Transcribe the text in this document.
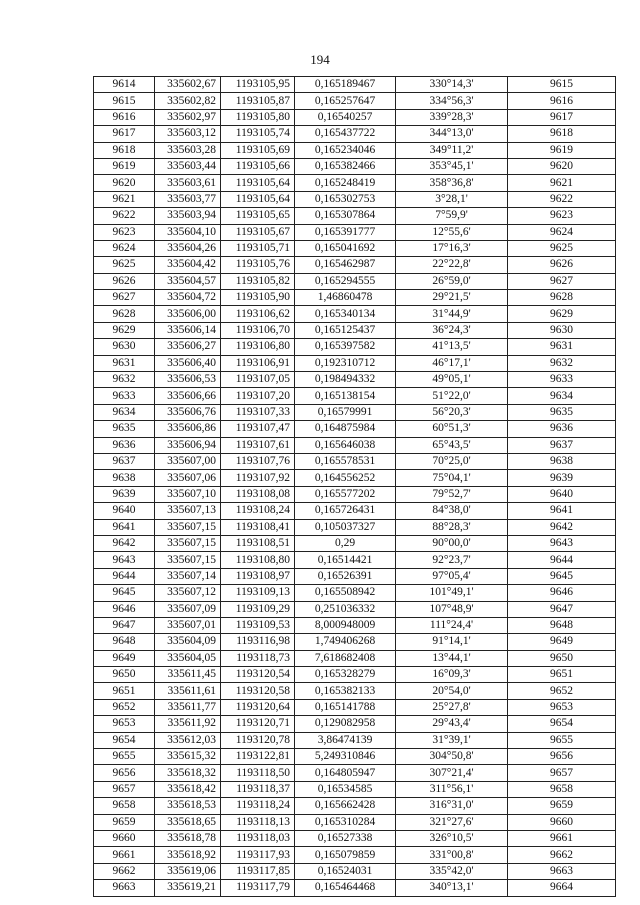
194
9614	335602,67	1193105,95	0,165189467	330°14,3'	9615
9615	335602,82	1193105,87	0,165257647	334°56,3'	9616
9616	335602,97	1193105,80	0,16540257	339°28,3'	9617
9617	335603,12	1193105,74	0,165437722	344°13,0'	9618
9618	335603,28	1193105,69	0,165234046	349°11,2'	9619
9619	335603,44	1193105,66	0,165382466	353°45,1'	9620
9620	335603,61	1193105,64	0,165248419	358°36,8'	9621
9621	335603,77	1193105,64	0,165302753	3°28,1'	9622
9622	335603,94	1193105,65	0,165307864	7°59,9'	9623
9623	335604,10	1193105,67	0,165391777	12°55,6'	9624
9624	335604,26	1193105,71	0,165041692	17°16,3'	9625
9625	335604,42	1193105,76	0,165462987	22°22,8'	9626
9626	335604,57	1193105,82	0,165294555	26°59,0'	9627
9627	335604,72	1193105,90	1,46860478	29°21,5'	9628
9628	335606,00	1193106,62	0,165340134	31°44,9'	9629
9629	335606,14	1193106,70	0,165125437	36°24,3'	9630
9630	335606,27	1193106,80	0,165397582	41°13,5'	9631
9631	335606,40	1193106,91	0,192310712	46°17,1'	9632
9632	335606,53	1193107,05	0,198494332	49°05,1'	9633
9633	335606,66	1193107,20	0,165138154	51°22,0'	9634
9634	335606,76	1193107,33	0,16579991	56°20,3'	9635
9635	335606,86	1193107,47	0,164875984	60°51,3'	9636
9636	335606,94	1193107,61	0,165646038	65°43,5'	9637
9637	335607,00	1193107,76	0,165578531	70°25,0'	9638
9638	335607,06	1193107,92	0,164556252	75°04,1'	9639
9639	335607,10	1193108,08	0,165577202	79°52,7'	9640
9640	335607,13	1193108,24	0,165726431	84°38,0'	9641
9641	335607,15	1193108,41	0,105037327	88°28,3'	9642
9642	335607,15	1193108,51	0,29	90°00,0'	9643
9643	335607,15	1193108,80	0,16514421	92°23,7'	9644
9644	335607,14	1193108,97	0,16526391	97°05,4'	9645
9645	335607,12	1193109,13	0,165508942	101°49,1'	9646
9646	335607,09	1193109,29	0,251036332	107°48,9'	9647
9647	335607,01	1193109,53	8,000948009	111°24,4'	9648
9648	335604,09	1193116,98	1,749406268	91°14,1'	9649
9649	335604,05	1193118,73	7,618682408	13°44,1'	9650
9650	335611,45	1193120,54	0,165328279	16°09,3'	9651
9651	335611,61	1193120,58	0,165382133	20°54,0'	9652
9652	335611,77	1193120,64	0,165141788	25°27,8'	9653
9653	335611,92	1193120,71	0,129082958	29°43,4'	9654
9654	335612,03	1193120,78	3,86474139	31°39,1'	9655
9655	335615,32	1193122,81	5,249310846	304°50,8'	9656
9656	335618,32	1193118,50	0,164805947	307°21,4'	9657
9657	335618,42	1193118,37	0,16534585	311°56,1'	9658
9658	335618,53	1193118,24	0,165662428	316°31,0'	9659
9659	335618,65	1193118,13	0,165310284	321°27,6'	9660
9660	335618,78	1193118,03	0,16527338	326°10,5'	9661
9661	335618,92	1193117,93	0,165079859	331°00,8'	9662
9662	335619,06	1193117,85	0,16524031	335°42,0'	9663
9663	335619,21	1193117,79	0,165464468	340°13,1'	9664
